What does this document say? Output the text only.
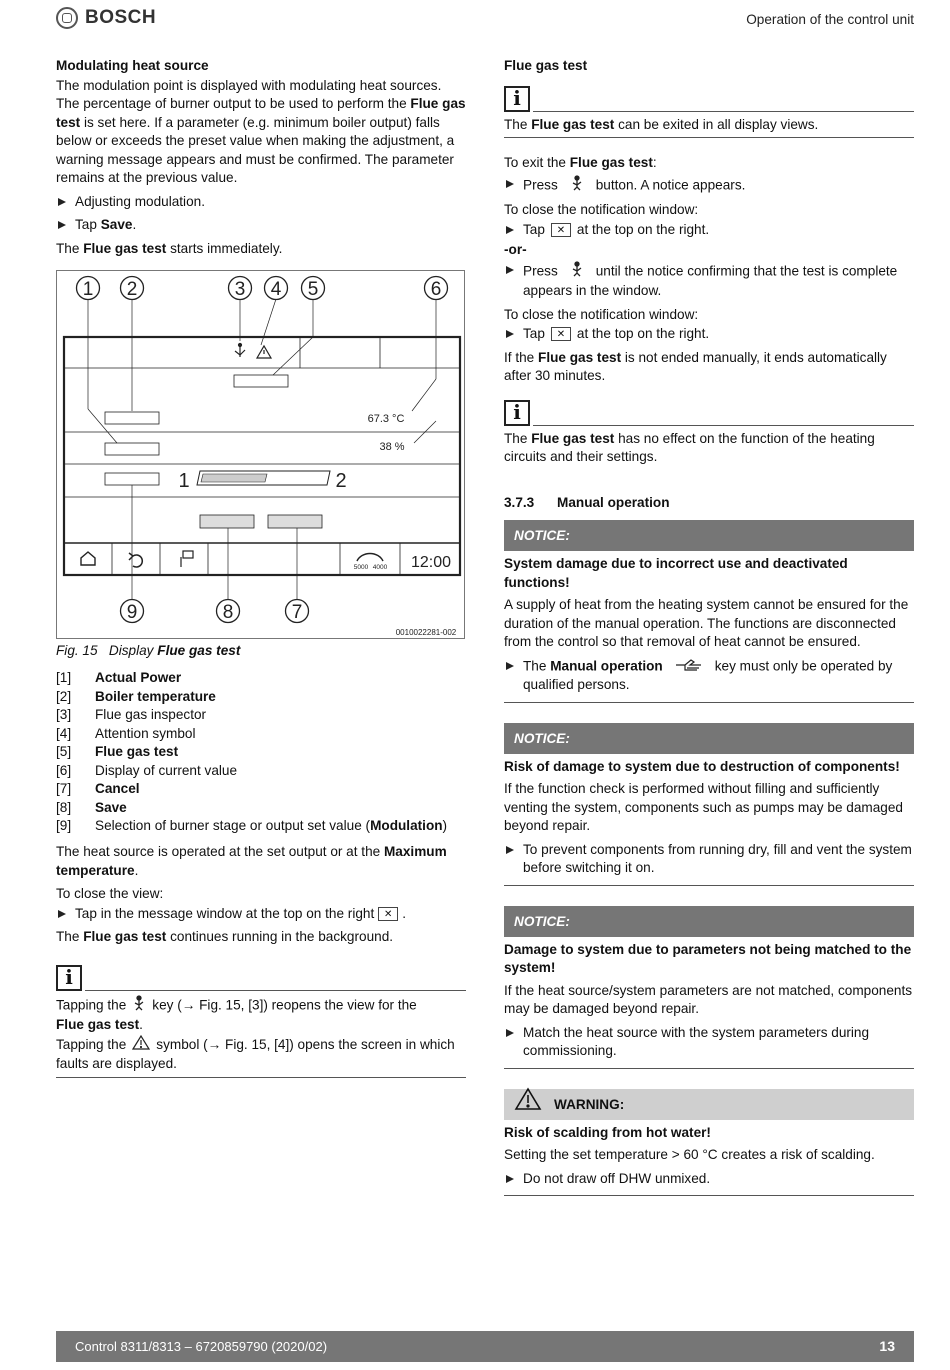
BOSCH	Operation of the control unit
Modulating heat source

The modulation point is displayed with modulating heat sources. The percentage of burner output to be used to perform the Flue gas test is set here. If a parameter (e.g. minimum boiler output) falls below or exceeds the preset value when making the adjustment, a warning message appears and must be confirmed. The parameter remains at the previous value.

Adjusting modulation.
Tap Save.

The Flue gas test starts immediately.

1 2	3 4 5	6
9	8	7
67.3 °C
38 %
1	2
12:00
5000 4000
0010022281-002
Fig. 15 Display Flue gas test
[1]	Actual Power
[2]	Boiler temperature
[3]	Flue gas inspector
[4]	Attention symbol
[5]	Flue gas test
[6]	Display of current value
[7]	Cancel
[8]	Save
[9]	Selection of burner stage or output set value (Modulation)

The heat source is operated at the set output or at the Maximum temperature.

To close the view:
Tap in the message window at the top on the right ✕ .

The Flue gas test continues running in the background.

i
Tapping the key (→ Fig. 15, [3]) reopens the view for the
Flue gas test.
Tapping the symbol (→ Fig. 15, [4]) opens the screen in which faults are displayed.
Flue gas test
i
The Flue gas test can be exited in all display views.

To exit the Flue gas test:

Press	button. A notice appears.
To close the notification window:
Tap ✕ at the top on the right.
-or-
Press	until the notice confirming that the test is complete appears in the window.
To close the notification window:
Tap ✕ at the top on the right.

If the Flue gas test is not ended manually, it ends automatically after 30 minutes.

i
The Flue gas test has no effect on the function of the heating circuits and their settings.
3.7.3 Manual operation
NOTICE:
System damage due to incorrect use and deactivated functions!

A supply of heat from the heating system cannot be ensured for the duration of the manual operation. The functions are disconnected from the control so that removal of heat cannot be ensured.

The Manual operation	key must only be operated by qualified persons.
NOTICE:
Risk of damage to system due to destruction of components!

If the function check is performed without filling and sufficiently venting the system, components such as pumps may be damaged beyond repair.

To prevent components from running dry, fill and vent the system before switching it on.
NOTICE:
Damage to system due to parameters not being matched to the system!

If the heat source/system parameters are not matched, components may be damaged beyond repair.

Match the heat source with the system parameters during commissioning.
WARNING:
Risk of scalding from hot water!

Setting the set temperature > 60 °C creates a risk of scalding.

Do not draw off DHW unmixed.
Control 8311/8313 – 6720859790 (2020/02)	13
